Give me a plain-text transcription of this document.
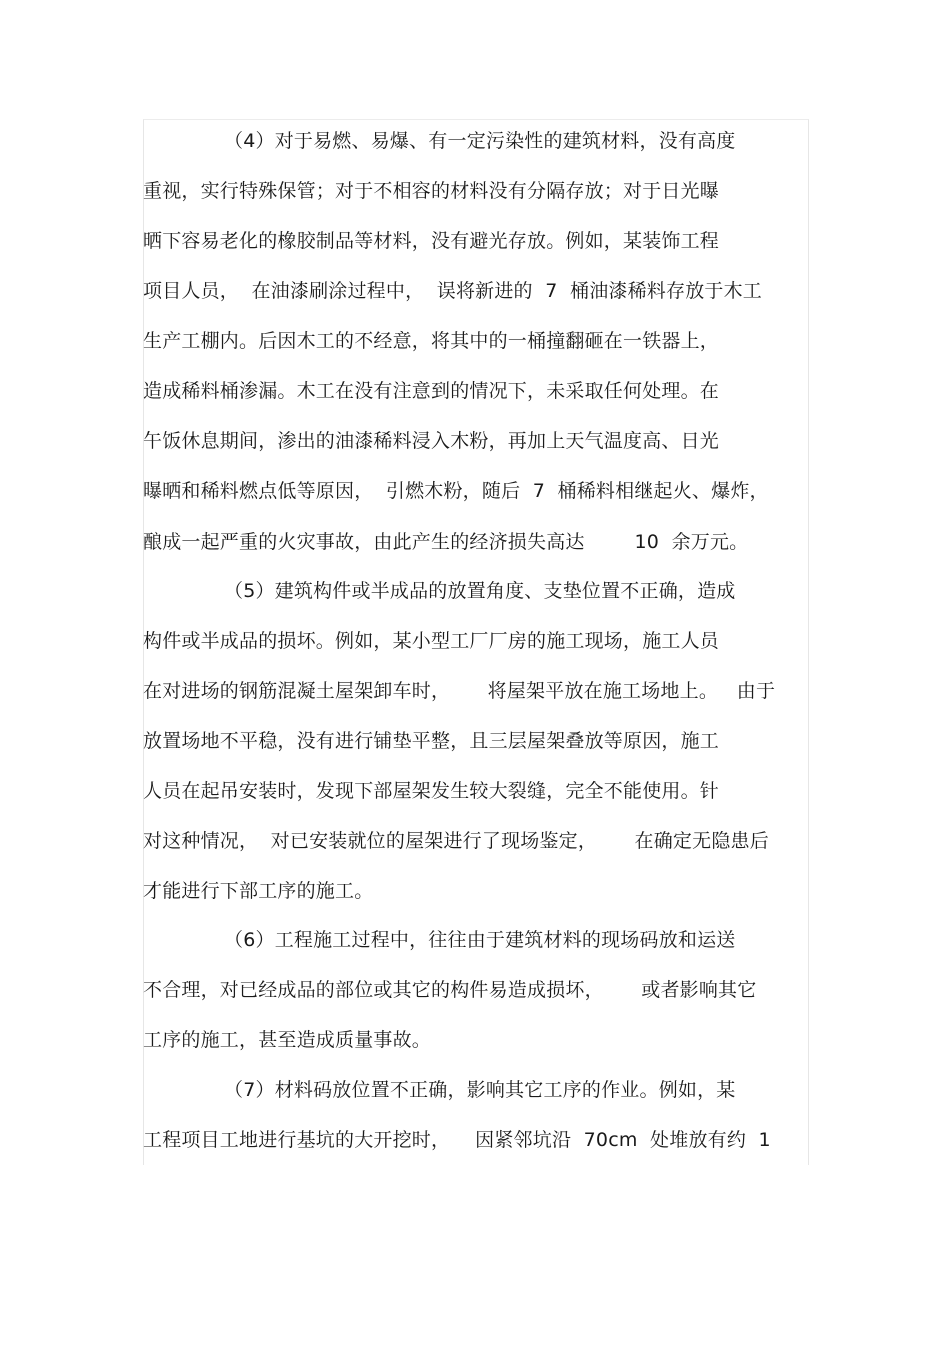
（4）对于易燃、易爆、有一定污染性的建筑材料，没有高度
重视，实行特殊保管；对于不相容的材料没有分隔存放；对于日光曝
晒下容易老化的橡胶制品等材料，没有避光存放。例如，某装饰工程
项目人员，  在油漆刷涂过程中，  误将新进的  7  桶油漆稀料存放于木工
生产工棚内。后因木工的不经意，将其中的一桶撞翻砸在一铁器上，
造成稀料桶渗漏。木工在没有注意到的情况下，未采取任何处理。在
午饭休息期间，渗出的油漆稀料浸入木粉，再加上天气温度高、日光
曝晒和稀料燃点低等原因，  引燃木粉，随后  7  桶稀料相继起火、爆炸，
酿成一起严重的火灾事故，由此产生的经济损失高达        10  余万元。
（5）建筑构件或半成品的放置角度、支垫位置不正确，造成
构件或半成品的损坏。例如，某小型工厂厂房的施工现场，施工人员
在对进场的钢筋混凝土屋架卸车时，      将屋架平放在施工场地上。   由于
放置场地不平稳，没有进行铺垫平整，且三层屋架叠放等原因，施工
人员在起吊安装时，发现下部屋架发生较大裂缝，完全不能使用。针
对这种情况，  对已安装就位的屋架进行了现场鉴定，      在确定无隐患后
才能进行下部工序的施工。
（6）工程施工过程中，往往由于建筑材料的现场码放和运送
不合理，对已经成品的部位或其它的构件易造成损坏，      或者影响其它
工序的施工，甚至造成质量事故。
（7）材料码放位置不正确，影响其它工序的作业。例如，某
工程项目工地进行基坑的大开挖时，    因紧邻坑沿  70cm  处堆放有约  1
